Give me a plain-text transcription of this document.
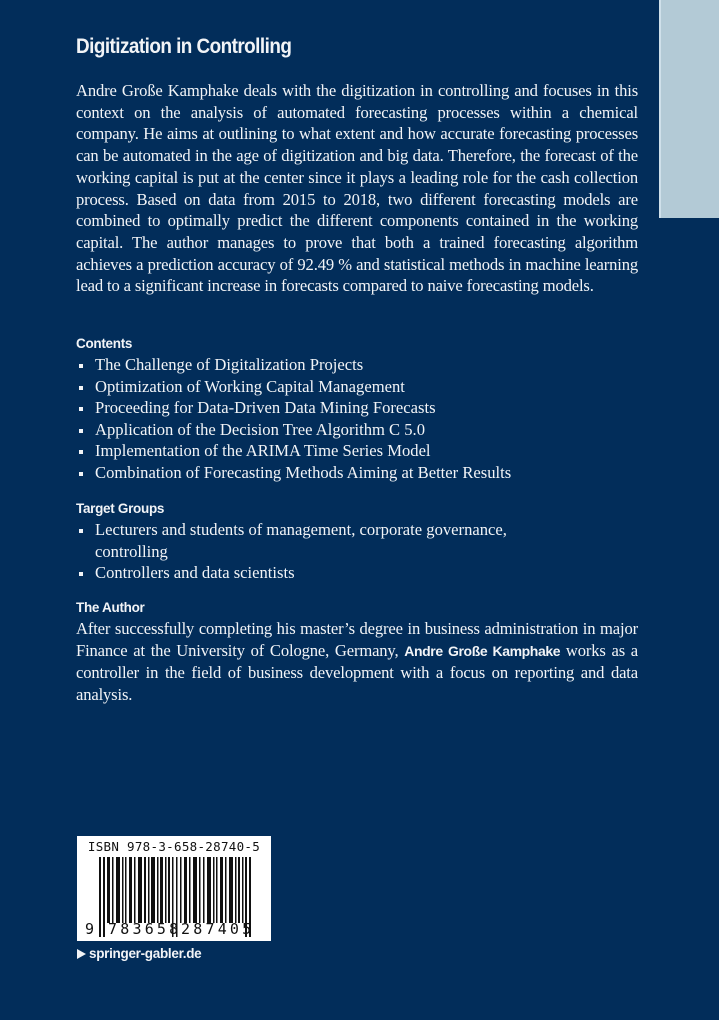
Digitization in Controlling
Andre Große Kamphake deals with the digitization in controlling and focuses in this context on the analysis of automated forecasting processes within a chemical company. He aims at outlining to what extent and how accurate forecasting processes can be automated in the age of digitization and big data. Therefore, the forecast of the working capital is put at the center since it plays a leading role for the cash collection process. Based on data from 2015 to 2018, two different forecasting models are combined to optimally predict the different components contained in the working capital. The author manages to prove that both a trained forecasting algorithm achieves a prediction accuracy of 92.49 % and statistical methods in machine learning lead to a significant increase in forecasts compared to naive forecasting models.
Contents
The Challenge of Digitalization Projects
Optimization of Working Capital Management
Proceeding for Data-Driven Data Mining Forecasts
Application of the Decision Tree Algorithm C 5.0
Implementation of the ARIMA Time Series Model
Combination of Forecasting Methods Aiming at Better Results
Target Groups
Lecturers and students of management, corporate governance, controlling
Controllers and data scientists
The Author
After successfully completing his master’s degree in business administration in major Finance at the University of Cologne, Germany, Andre Große Kamphake works as a controller in the field of business development with a focus on reporting and data analysis.
ISBN 978-3-658-28740-5
9 783658 287405
springer-gabler.de
